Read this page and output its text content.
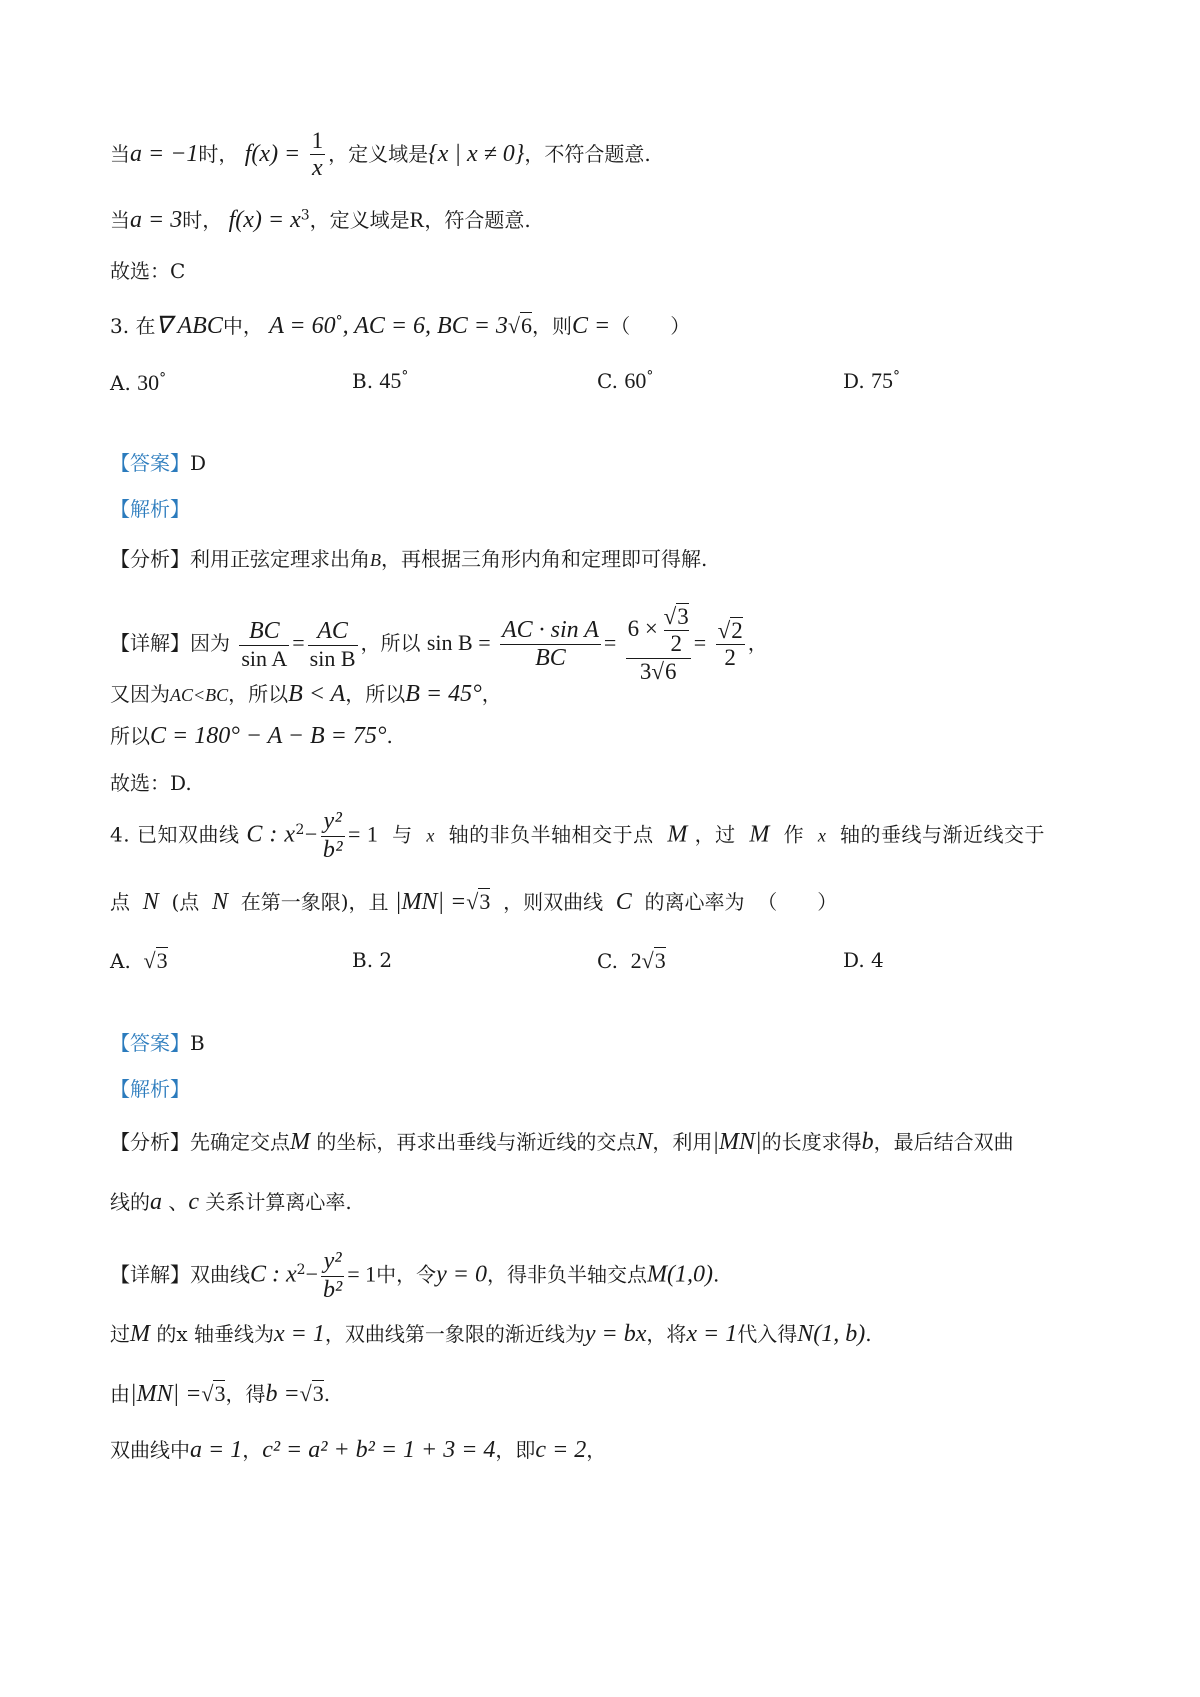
当a = −1时， $f(x) = \frac{1}{x}$ ，定义域是{x | x ≠ 0}，不符合题意.
当a = 3时， $f(x) = x^3$，定义域是R，符合题意.
故选：C
3. 在∇ ABC中， A = 60°, AC = 6, BC = 3√6，则C =（　　）
A. 30°	B. 45°	C. 60°	D. 75°
【答案】D
【解析】
【分析】利用正弦定理求出角B，再根据三角形内角和定理即可得解.
【详解】因为 $\frac{BC}{\text{sin A}} = \frac{AC}{\text{sin B}}$ ，所以 $\sin B = \frac{\text{AC · sin A}}{BC} = \frac{6 \times \frac{√3}{2}}{3√6} = \frac{√2}{2}$ ，
又因为AC<BC，所以B < A，所以B = 45°，
所以C = 180° − A − B = 75°.
故选：D.
4. 已知双曲线 C : $x^2- \frac{\text{y²}}{\text{b²}} = 1$ 与 x 轴的非负半轴相交于点 M ，过 M 作 x 轴的垂线与渐近线交于
点 N (点 N 在第一象限)，且 |MN| =√3 ，则双曲线 C 的离心率为 （　　）
A. √3	B. 2	C. 2√3	D. 4
【答案】B
【解析】
【分析】先确定交点M 的坐标，再求出垂线与渐近线的交点N，利用|MN|的长度求得b，最后结合双曲
线的a 、c 关系计算离心率.
【详解】双曲线C : $x^2- \frac{\text{y²}}{\text{b²}} = 1$中，令y = 0，得非负半轴交点M(1,0).
过M 的x 轴垂线为x = 1，双曲线第一象限的渐近线为y = bx，将x = 1代入得N(1, b).
由|MN| =√3，得b =√3.
双曲线中a = 1，c² = a² + b² = 1 + 3 = 4，即c = 2，
